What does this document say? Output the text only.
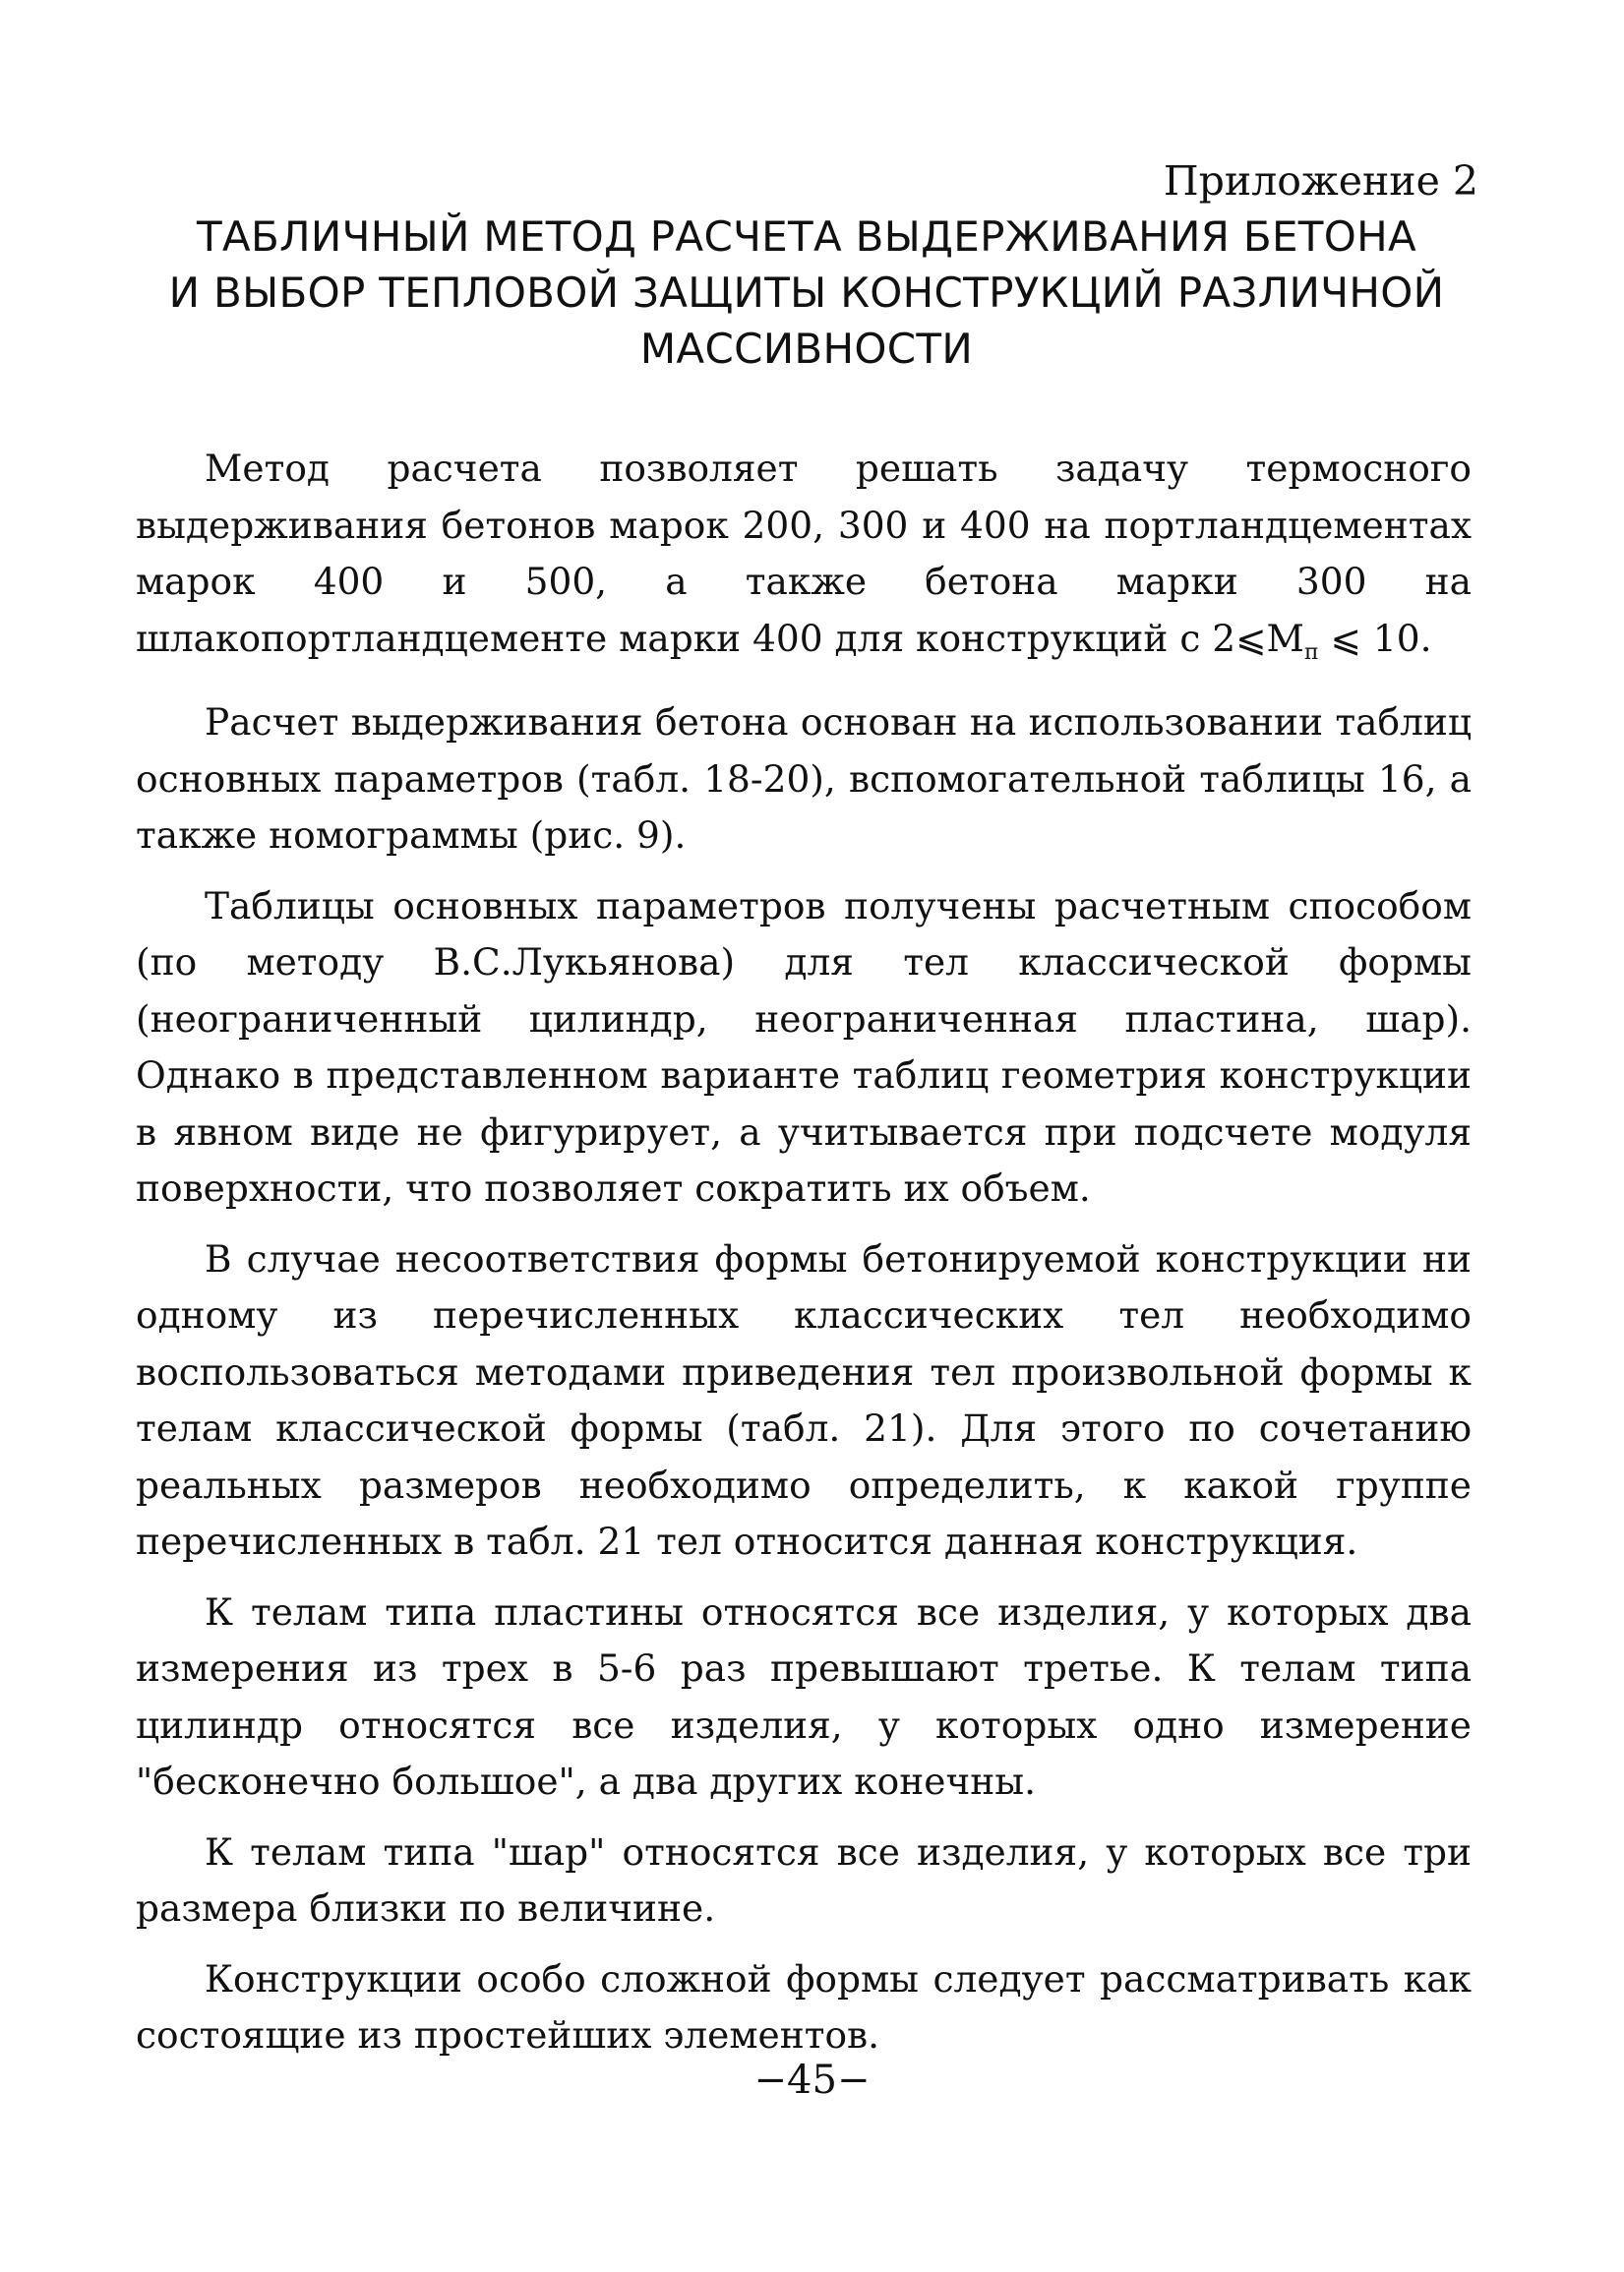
Приложение 2
ТАБЛИЧНЫЙ МЕТОД РАСЧЕТА ВЫДЕРЖИВАНИЯ БЕТОНА
И ВЫБОР ТЕПЛОВОЙ ЗАЩИТЫ КОНСТРУКЦИЙ РАЗЛИЧНОЙ
МАССИВНОСТИ

Метод расчета позволяет решать задачу термосного выдерживания бетонов марок 200, 300 и 400 на портландцементах марок 400 и 500, а также бетона марки 300 на шлакопортландцементе марки 400 для конструкций с $2⩽M_п$ ⩽ 10.

Расчет выдерживания бетона основан на использовании таблиц основных параметров (табл. 18-20), вспомогательной таблицы 16, а также номограммы (рис. 9).

Таблицы основных параметров получены расчетным способом (по методу В.С.Лукьянова) для тел классической формы (неограниченный цилиндр, неограниченная пластина, шар). Однако в представленном варианте таблиц геометрия конструкции в явном виде не фигурирует, а учитывается при подсчете модуля поверхности, что позволяет сократить их объем.

В случае несоответствия формы бетонируемой конструкции ни одному из перечисленных классических тел необходимо воспользоваться методами приведения тел произвольной формы к телам классической формы (табл. 21). Для этого по сочетанию реальных размеров необходимо определить, к какой группе перечисленных в табл. 21 тел относится данная конструкция.

К телам типа пластины относятся все изделия, у которых два измерения из трех в 5-6 раз превышают третье. К телам типа цилиндр относятся все изделия, у которых одно измерение "бесконечно большое", а два других конечны.

К телам типа "шар" относятся все изделия, у которых все три размера близки по величине.

Конструкции особо сложной формы следует рассматривать как состоящие из простейших элементов.

−45−
